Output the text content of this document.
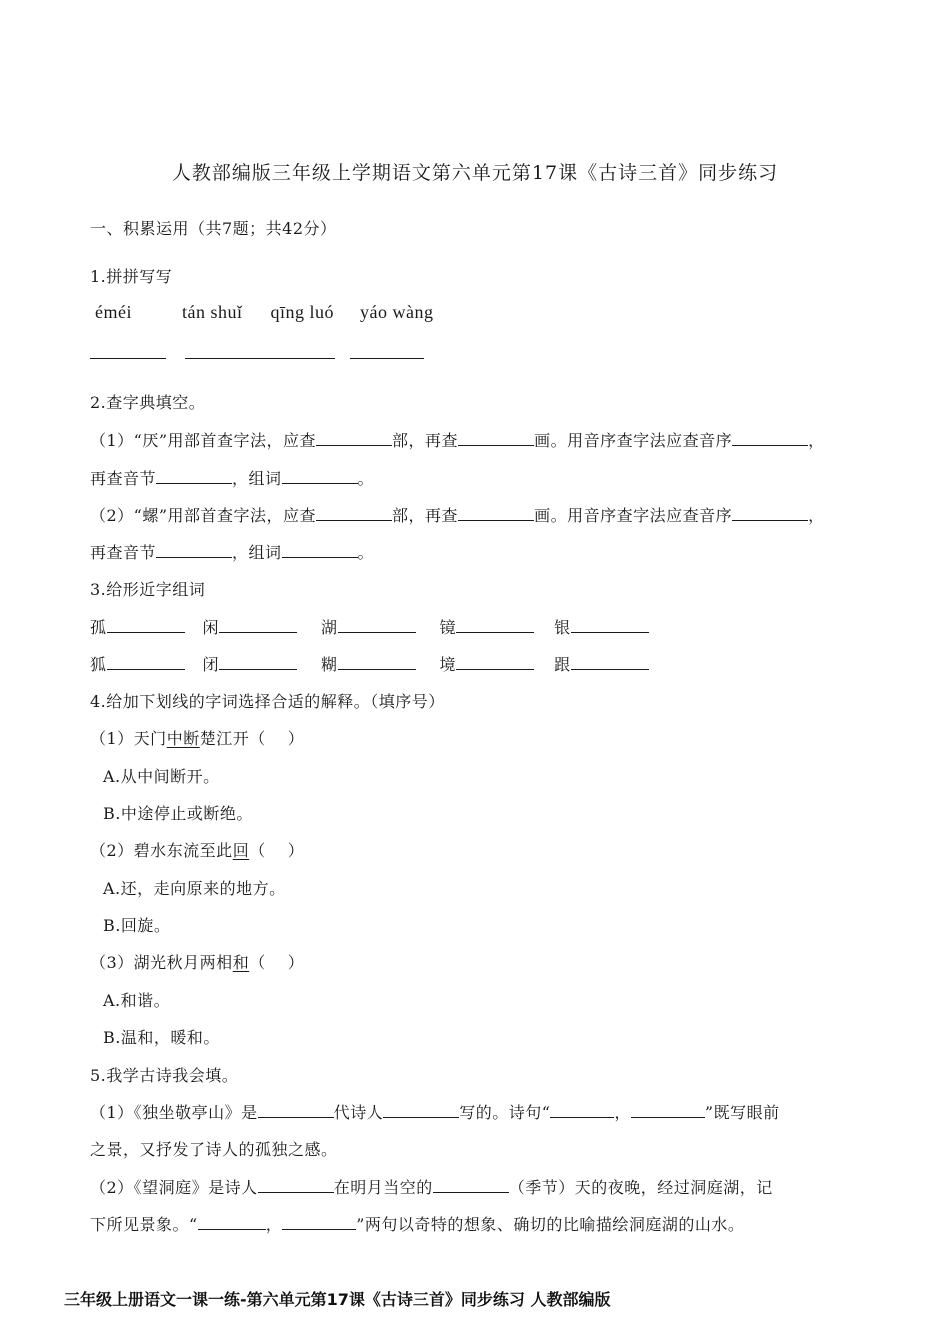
人教部编版三年级上学期语文第六单元第17课《古诗三首》同步练习
一、积累运用（共7题；共42分）
1.拼拼写写
éméi	tán shuǐ qīng luó yáo wàng

2.查字典填空。
（1）“厌”用部首查字法，应查	部，再查	画。用音序查字法应查音序	，
再查音节	，组词	。
（2）“螺”用部首查字法，应查	部，再查	画。用音序查字法应查音序	，
再查音节	，组词	。
3.给形近字组词
孤	闲	湖	镜	银
狐	闭	糊	境	跟
4.给加下划线的字词选择合适的解释。（填序号）
（1）天门中断楚江开（　 ）
A.从中间断开。
B.中途停止或断绝。
（2）碧水东流至此回（　 ）
A.还，走向原来的地方。
B.回旋。
（3）湖光秋月两相和（　 ）
A.和谐。
B.温和，暖和。
5.我学古诗我会填。
（1）《独坐敬亭山》是	代诗人	写的。诗句“	，	”既写眼前
之景，又抒发了诗人的孤独之感。
（2）《望洞庭》是诗人	在明月当空的	（季节）天的夜晚，经过洞庭湖，记
下所见景象。“	，	”两句以奇特的想象、确切的比喻描绘洞庭湖的山水。
三年级上册语文一课一练-第六单元第17课《古诗三首》同步练习 人教部编版
